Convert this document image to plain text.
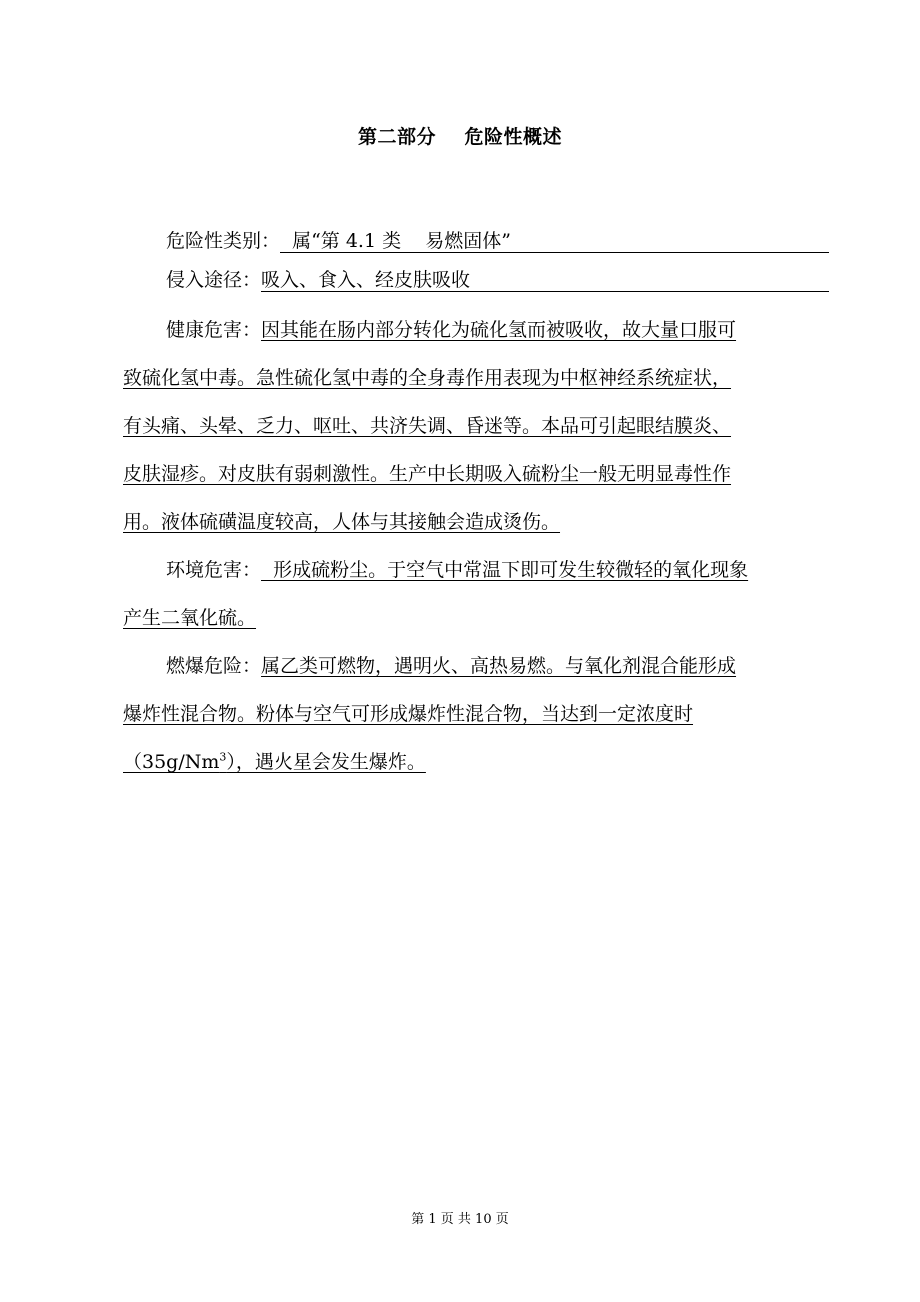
第二部分    危险性概述
危险性类别： 属“第 4.1 类    易燃固体”
侵入途径： 吸入、食入、经皮肤吸收
健康危害：因其能在肠内部分转化为硫化氢而被吸收，故大量口服可
致硫化氢中毒。急性硫化氢中毒的全身毒作用表现为中枢神经系统症状，
有头痛、头晕、乏力、呕吐、共济失调、昏迷等。本品可引起眼结膜炎、
皮肤湿疹。对皮肤有弱刺激性。生产中长期吸入硫粉尘一般无明显毒性作
用。液体硫磺温度较高，人体与其接触会造成烫伤。
环境危害：  形成硫粉尘。于空气中常温下即可发生较微轻的氧化现象
产生二氧化硫。
燃爆危险：属乙类可燃物，遇明火、高热易燃。与氧化剂混合能形成
爆炸性混合物。粉体与空气可形成爆炸性混合物，当达到一定浓度时
（35g/Nm$^3$），遇火星会发生爆炸。
第 1 页 共 10 页
